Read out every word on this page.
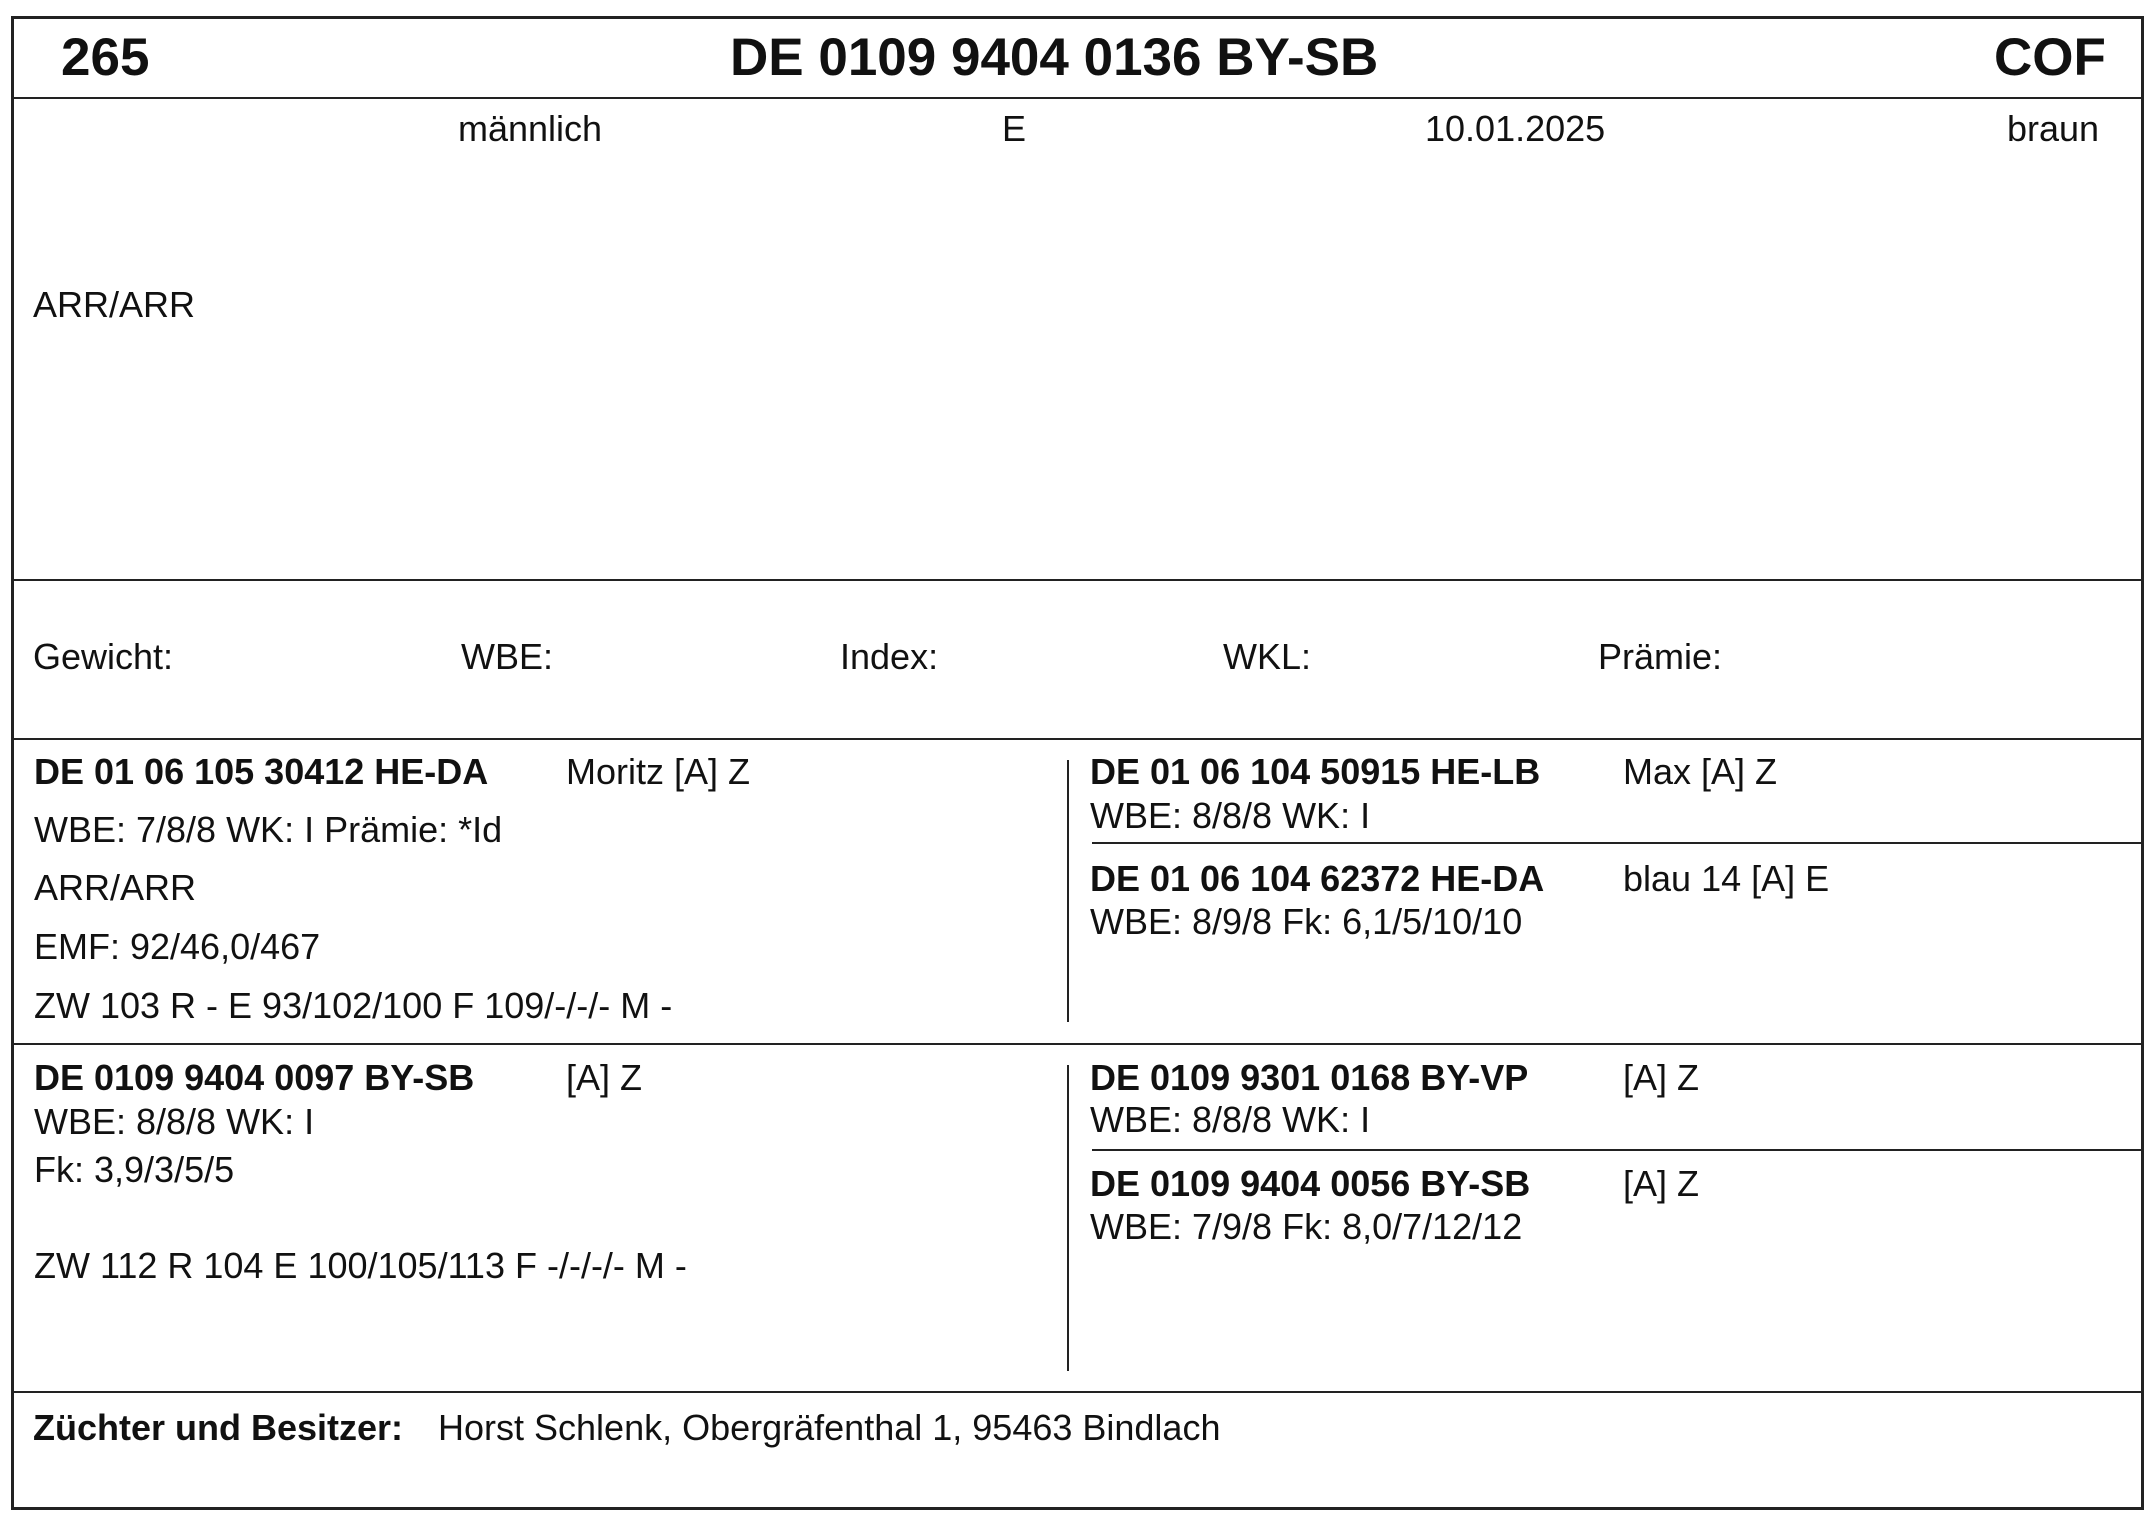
265	DE 0109 9404 0136 BY-SB	COF
männlich	E	10.01.2025	braun
ARR/ARR
Gewicht:	WBE:	Index:	WKL:	Prämie:
DE 01 06 105 30412 HE-DA Moritz [A] Z
WBE: 7/8/8 WK: I Prämie: *Id
ARR/ARR
EMF: 92/46,0/467
ZW 103 R - E 93/102/100 F 109/-/-/- M -
DE 01 06 104 50915 HE-LB Max [A] Z
WBE: 8/8/8 WK: I
DE 01 06 104 62372 HE-DA blau 14 [A] E
WBE: 8/9/8 Fk: 6,1/5/10/10
DE 0109 9404 0097 BY-SB	[A] Z
WBE: 8/8/8 WK: I
Fk: 3,9/3/5/5
ZW 112 R 104 E 100/105/113 F -/-/-/- M -
DE 0109 9301 0168 BY-VP	[A] Z
WBE: 8/8/8 WK: I
DE 0109 9404 0056 BY-SB	[A] Z
WBE: 7/9/8 Fk: 8,0/7/12/12
Züchter und Besitzer: Horst Schlenk, Obergräfenthal 1, 95463 Bindlach
